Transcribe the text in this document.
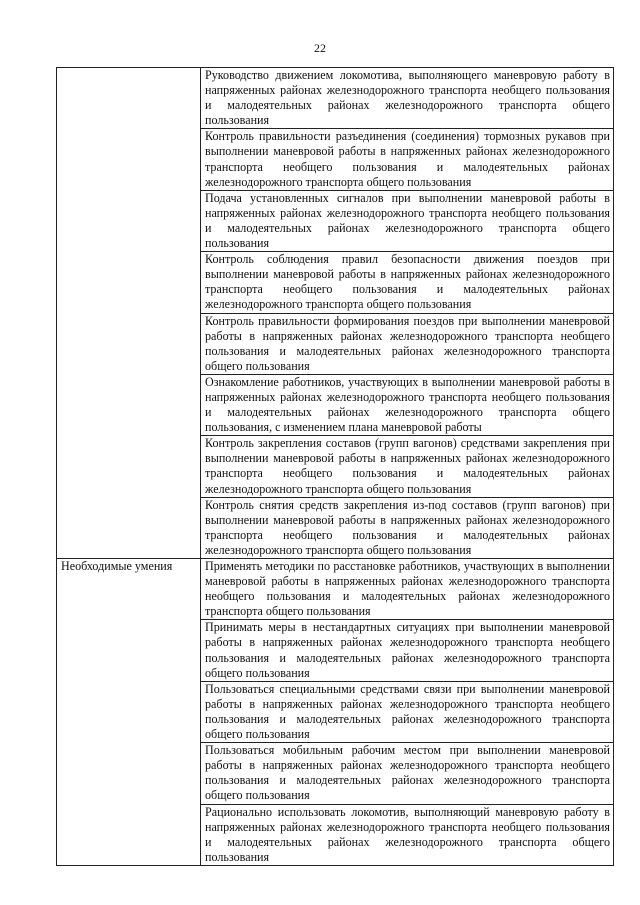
22
	Руководство движением локомотива, выполняющего маневровую работу в напряженных районах железнодорожного транспорта необщего пользования и малодеятельных районах железнодорожного транспорта общего пользования
	Контроль правильности разъединения (соединения) тормозных рукавов при выполнении маневровой работы в напряженных районах железнодорожного транспорта необщего пользования и малодеятельных районах железнодорожного транспорта общего пользования
	Подача установленных сигналов при выполнении маневровой работы в напряженных районах железнодорожного транспорта необщего пользования и малодеятельных районах железнодорожного транспорта общего пользования
	Контроль соблюдения правил безопасности движения поездов при выполнении маневровой работы в напряженных районах железнодорожного транспорта необщего пользования и малодеятельных районах железнодорожного транспорта общего пользования
	Контроль правильности формирования поездов при выполнении маневровой работы в напряженных районах железнодорожного транспорта необщего пользования и малодеятельных районах железнодорожного транспорта общего пользования
	Ознакомление работников, участвующих в выполнении маневровой работы в напряженных районах железнодорожного транспорта необщего пользования и малодеятельных районах железнодорожного транспорта общего пользования, с изменением плана маневровой работы
	Контроль закрепления составов (групп вагонов) средствами закрепления при выполнении маневровой работы в напряженных районах железнодорожного транспорта необщего пользования и малодеятельных районах железнодорожного транспорта общего пользования
	Контроль снятия средств закрепления из-под составов (групп вагонов) при выполнении маневровой работы в напряженных районах железнодорожного транспорта необщего пользования и малодеятельных районах железнодорожного транспорта общего пользования
Необходимые умения	Применять методики по расстановке работников, участвующих в выполнении маневровой работы в напряженных районах железнодорожного транспорта необщего пользования и малодеятельных районах железнодорожного транспорта общего пользования
	Принимать меры в нестандартных ситуациях при выполнении маневровой работы в напряженных районах железнодорожного транспорта необщего пользования и малодеятельных районах железнодорожного транспорта общего пользования
	Пользоваться специальными средствами связи при выполнении маневровой работы в напряженных районах железнодорожного транспорта необщего пользования и малодеятельных районах железнодорожного транспорта общего пользования
	Пользоваться мобильным рабочим местом при выполнении маневровой работы в напряженных районах железнодорожного транспорта необщего пользования и малодеятельных районах железнодорожного транспорта общего пользования
	Рационально использовать локомотив, выполняющий маневровую работу в напряженных районах железнодорожного транспорта необщего пользования и малодеятельных районах железнодорожного транспорта общего пользования
